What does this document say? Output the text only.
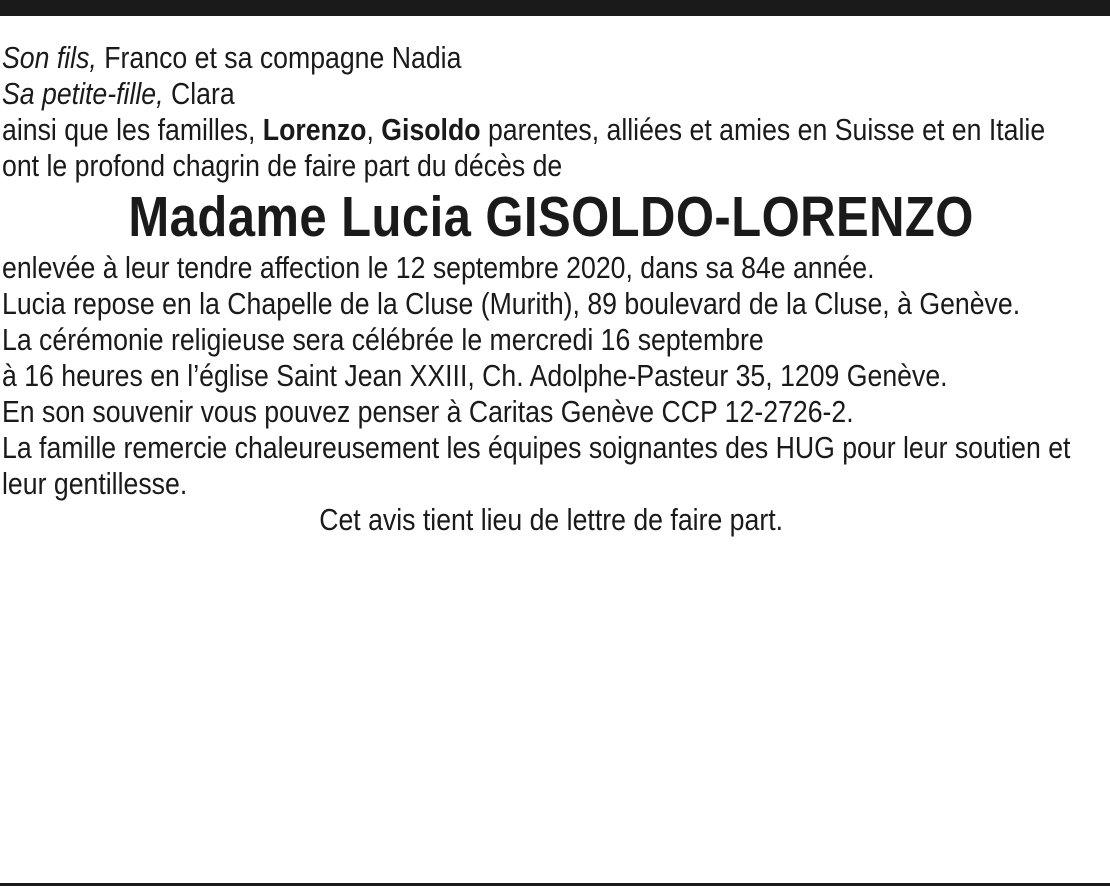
Son fils, Franco et sa compagne Nadia

Sa petite-fille, Clara

ainsi que les familles, Lorenzo, Gisoldo parentes, alliées et amies en Suisse et en Italie

ont le profond chagrin de faire part du décès de

Madame Lucia GISOLDO-LORENZO

enlevée à leur tendre affection le 12 septembre 2020, dans sa 84e année.

Lucia repose en la Chapelle de la Cluse (Murith), 89 boulevard de la Cluse, à Genève.

La cérémonie religieuse sera célébrée le mercredi 16 septembre
à 16 heures en l’église Saint Jean XXIII, Ch. Adolphe-Pasteur 35, 1209 Genève.

En son souvenir vous pouvez penser à Caritas Genève CCP 12-2726-2.

La famille remercie chaleureusement les équipes soignantes des HUG pour leur soutien et leur gentillesse.

Cet avis tient lieu de lettre de faire part.
